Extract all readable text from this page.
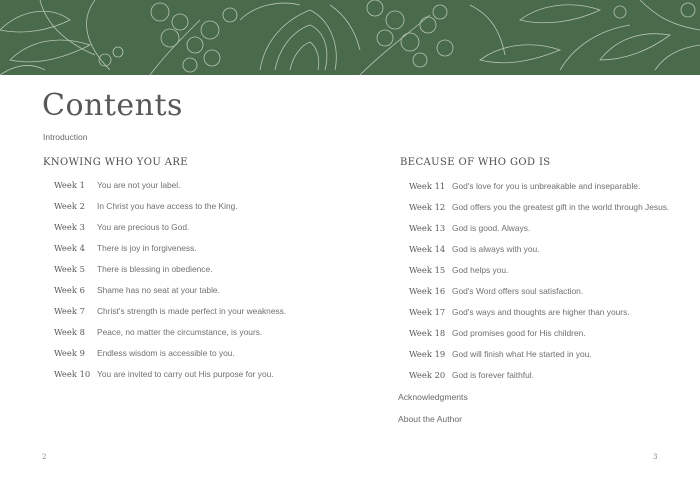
Contents
Introduction
KNOWING WHO YOU ARE	BECAUSE OF WHO GOD IS
Week 1 You are not your label.
Week 2 In Christ you have access to the King.
Week 3 You are precious to God.
Week 4 There is joy in forgiveness.
Week 5 There is blessing in obedience.
Week 6 Shame has no seat at your table.
Week 7 Christ's strength is made perfect in your weakness.
Week 8 Peace, no matter the circumstance, is yours.
Week 9 Endless wisdom is accessible to you.
Week 10 You are invited to carry out His purpose for you.
Week 11 God's love for you is unbreakable and inseparable.
Week 12 God offers you the greatest gift in the world through Jesus.
Week 13 God is good. Always.
Week 14 God is always with you.
Week 15 God helps you.
Week 16 God's Word offers soul satisfaction.
Week 17 God's ways and thoughts are higher than yours.
Week 18 God promises good for His children.
Week 19 God will finish what He started in you.
Week 20 God is forever faithful.
Acknowledgments
About the Author
2	3
